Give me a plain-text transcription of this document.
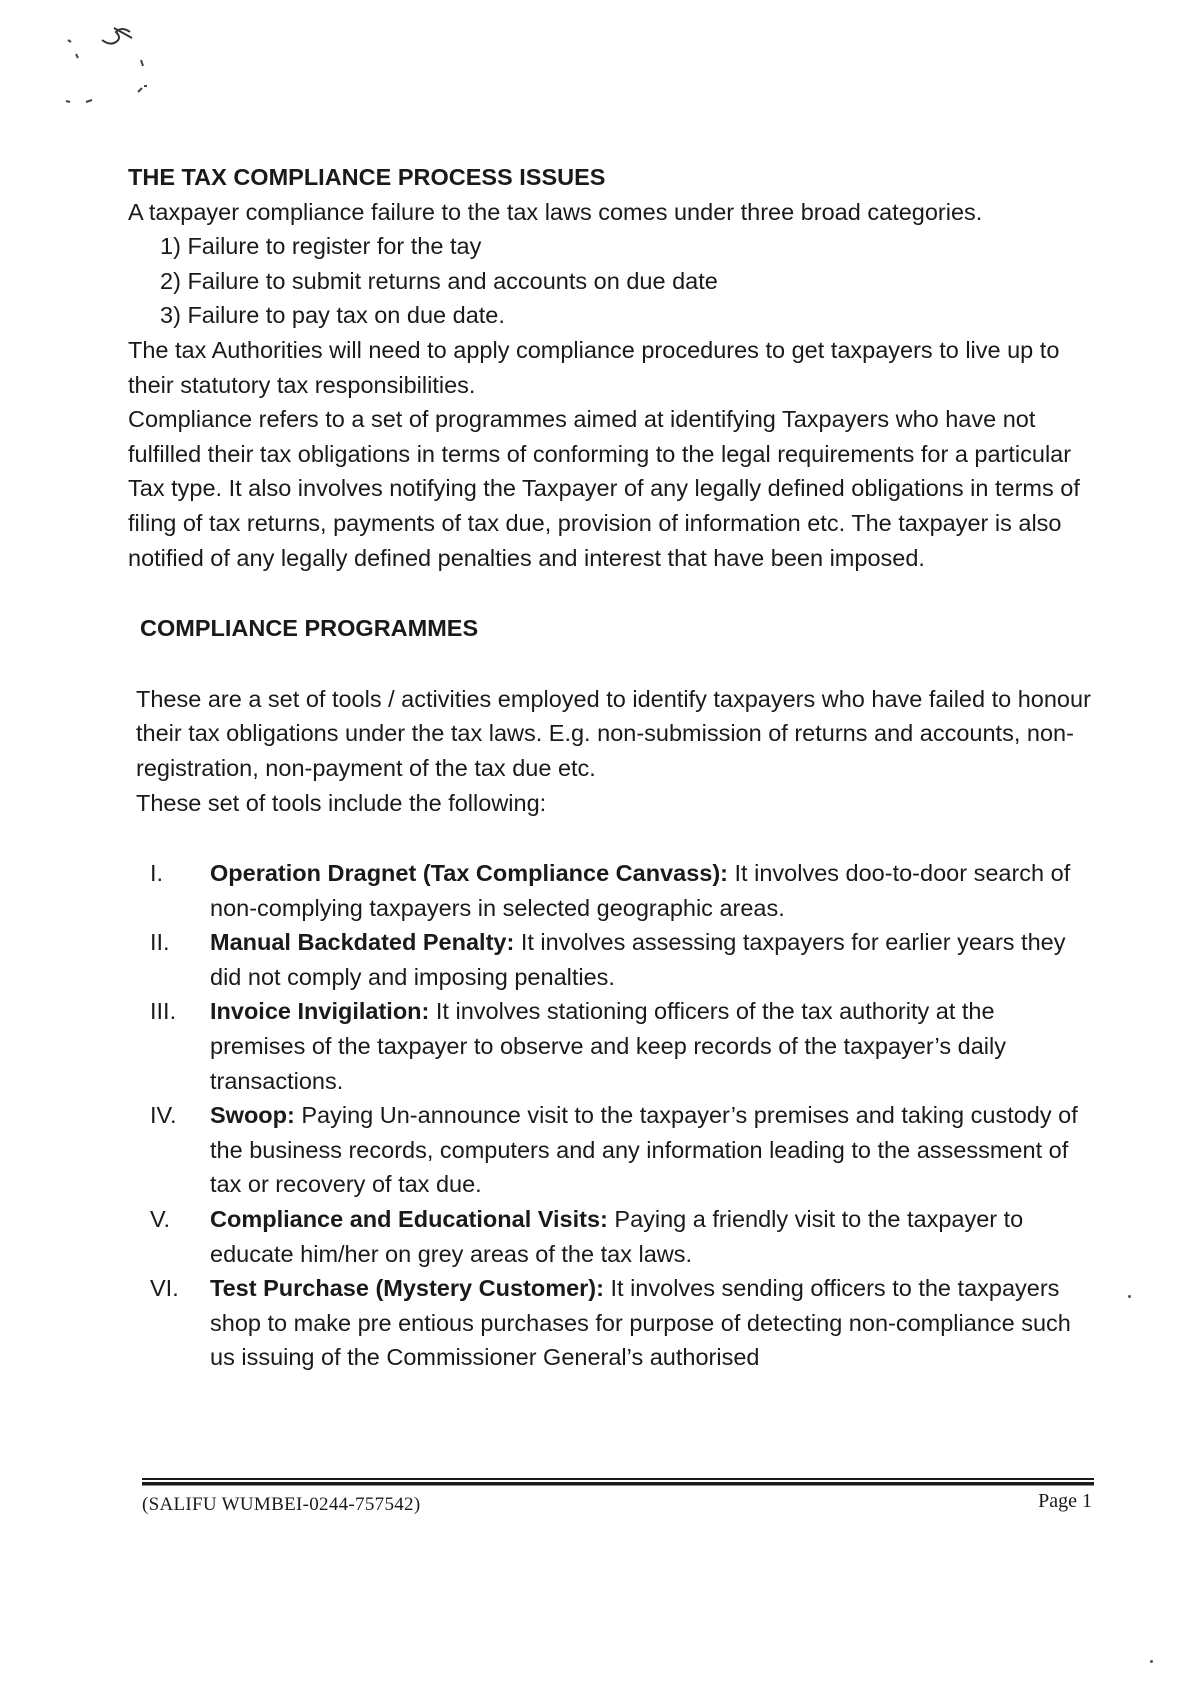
THE TAX COMPLIANCE PROCESS ISSUES

A taxpayer compliance failure to the tax laws comes under three broad categories.

1) Failure to register for the tay
2) Failure to submit returns and accounts on due date
3) Failure to pay tax on due date.

The tax Authorities will need to apply compliance procedures to get taxpayers to live up to their statutory tax responsibilities.

Compliance refers to a set of programmes aimed at identifying Taxpayers who have not fulfilled their tax obligations in terms of conforming to the legal requirements for a particular Tax type. It also involves notifying the Taxpayer of any legally defined obligations in terms of filing of tax returns, payments of tax due, provision of information etc. The taxpayer is also notified of any legally defined penalties and interest that have been imposed.

COMPLIANCE PROGRAMMES

These are a set of tools / activities employed to identify taxpayers who have failed to honour their tax obligations under the tax laws. E.g. non-submission of returns and accounts, non-registration, non-payment of the tax due etc.

These set of tools include the following:

I.	Operation Dragnet (Tax Compliance Canvass): It involves doo-to-door search of non-complying taxpayers in selected geographic areas.
II.	Manual Backdated Penalty: It involves assessing taxpayers for earlier years they did not comply and imposing penalties.
III.	Invoice Invigilation: It involves stationing officers of the tax authority at the premises of the taxpayer to observe and keep records of the taxpayer’s daily transactions.
IV.	Swoop: Paying Un-announce visit to the taxpayer’s premises and taking custody of the business records, computers and any information leading to the assessment of tax or recovery of tax due.
V.	Compliance and Educational Visits: Paying a friendly visit to the taxpayer to educate him/her on grey areas of the tax laws.
VI.	Test Purchase (Mystery Customer): It involves sending officers to the taxpayers shop to make pre entious purchases for purpose of detecting non-compliance such us issuing of the Commissioner General’s authorised
(SALIFU WUMBEI-0244-757542)	Page 1
